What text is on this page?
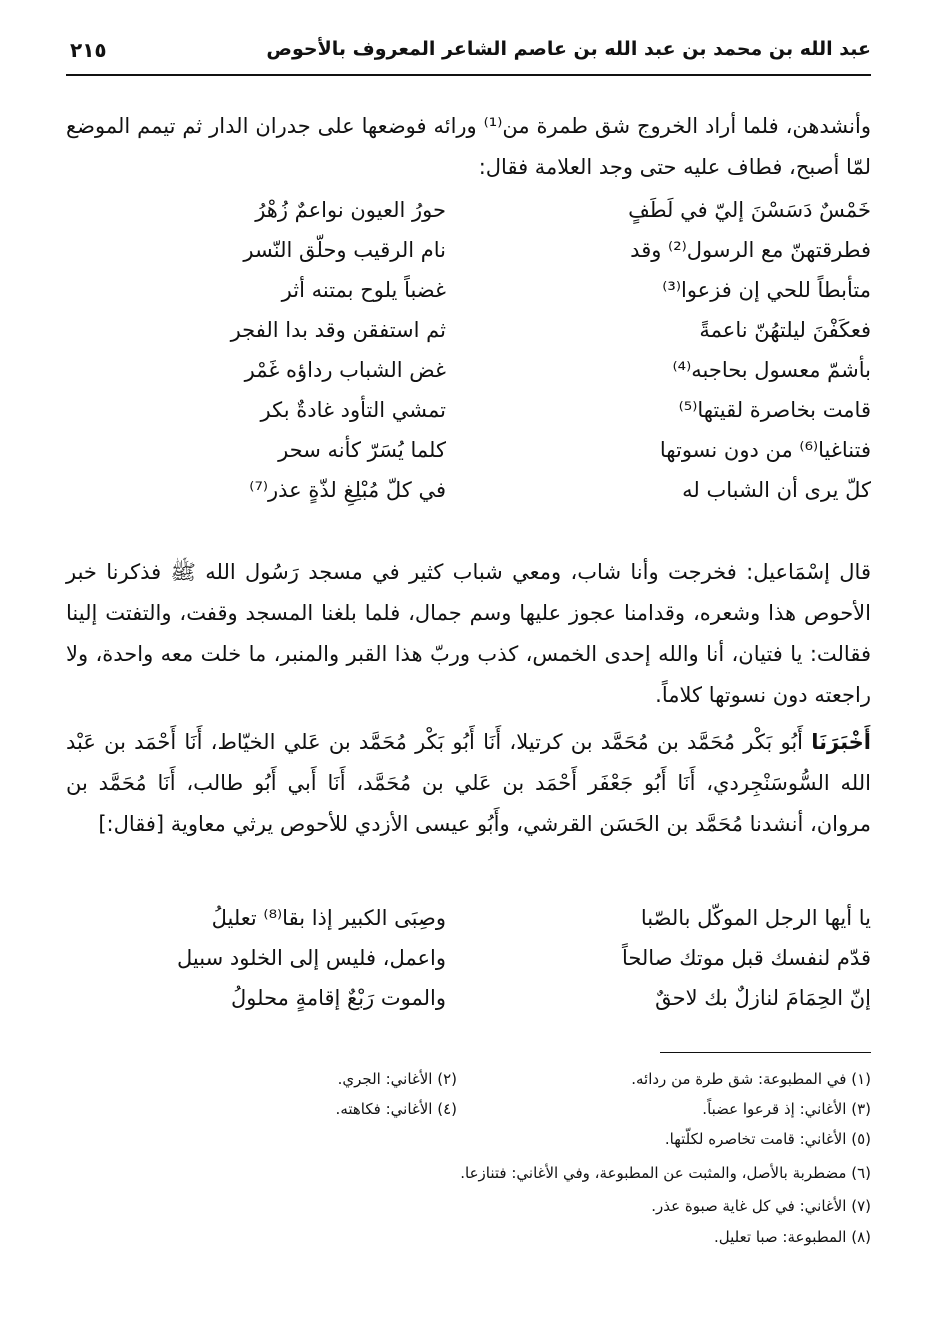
عبد الله بن محمد بن عبد الله بن عاصم الشاعر المعروف بالأحوص
٢١٥
وأنشدهن، فلما أراد الخروج شق طمرة من⁽¹⁾ ورائه فوضعها على جدران الدار ثم تيمم الموضع لمّا أصبح، فطاف عليه حتى وجد العلامة فقال:
خَمْسٌ دَسَسْنَ إليّ في لَطَفٍ
حورُ العيون نواعمٌ زُهْرُ
فطرقتهنّ مع الرسول⁽²⁾ وقد
نام الرقيب وحلّق النّسر
متأبطاً للحي إن فزعوا⁽³⁾
غضباً يلوح بمتنه أثر
فعكَفْنَ ليلتهُنّ ناعمةً
ثم استفقن وقد بدا الفجر
بأشمّ معسول بحاجبه⁽⁴⁾
غض الشباب رداؤه غَمْر
قامت بخاصرة لقيتها⁽⁵⁾
تمشي التأود غادةٌ بكر
فتناغيا⁽⁶⁾ من دون نسوتها
كلما يُسَرّ كأنه سحر
كلّ يرى أن الشباب له
في كلّ مُبْلِغِ لذّةٍ عذر⁽⁷⁾
قال إسْمَاعيل: فخرجت وأنا شاب، ومعي شباب كثير في مسجد رَسُول الله ﷺ فذكرنا خبر الأحوص هذا وشعره، وقدامنا عجوز عليها وسم جمال، فلما بلغنا المسجد وقفت، والتفتت إلينا فقالت: يا فتيان، أنا والله إحدى الخمس، كذب وربّ هذا القبر والمنبر، ما خلت معه واحدة، ولا راجعته دون نسوتها كلاماً.
أَخْبَرَنَا أَبُو بَكْر مُحَمَّد بن مُحَمَّد بن كرتيلا، أَنَا أَبُو بَكْر مُحَمَّد بن عَلي الخيّاط، أَنَا أَحْمَد بن عَبْد الله السُّوسَنْجِردي، أَنَا أَبُو جَعْفَر أَحْمَد بن عَلي بن مُحَمَّد، أَنَا أَبي أَبُو طالب، أَنَا مُحَمَّد بن مروان، أنشدنا مُحَمَّد بن الحَسَن القرشي، وأَبُو عيسى الأزدي للأحوص يرثي معاوية [فقال:]
يا أيها الرجل الموكّل بالصّبا
وصِبَى الكبير إذا بقا⁽⁸⁾ تعليلُ
قدّم لنفسك قبل موتك صالحاً
واعمل، فليس إلى الخلود سبيل
إنّ الحِمَامَ لنازلٌ بك لاحقٌ
والموت رَبْعٌ إقامةٍ محلولُ
(١) في المطبوعة: شق طرة من ردائه.
(٢) الأغاني: الجري.
(٣) الأغاني: إذ قرعوا عضباً.
(٤) الأغاني: فكاهته.
(٥) الأغاني: قامت تخاصره لكلّتها.
(٦) مضطربة بالأصل، والمثبت عن المطبوعة، وفي الأغاني: فتنازعا.
(٧) الأغاني: في كل غاية صبوة عذر.
(٨) المطبوعة: صبا تعليل.
